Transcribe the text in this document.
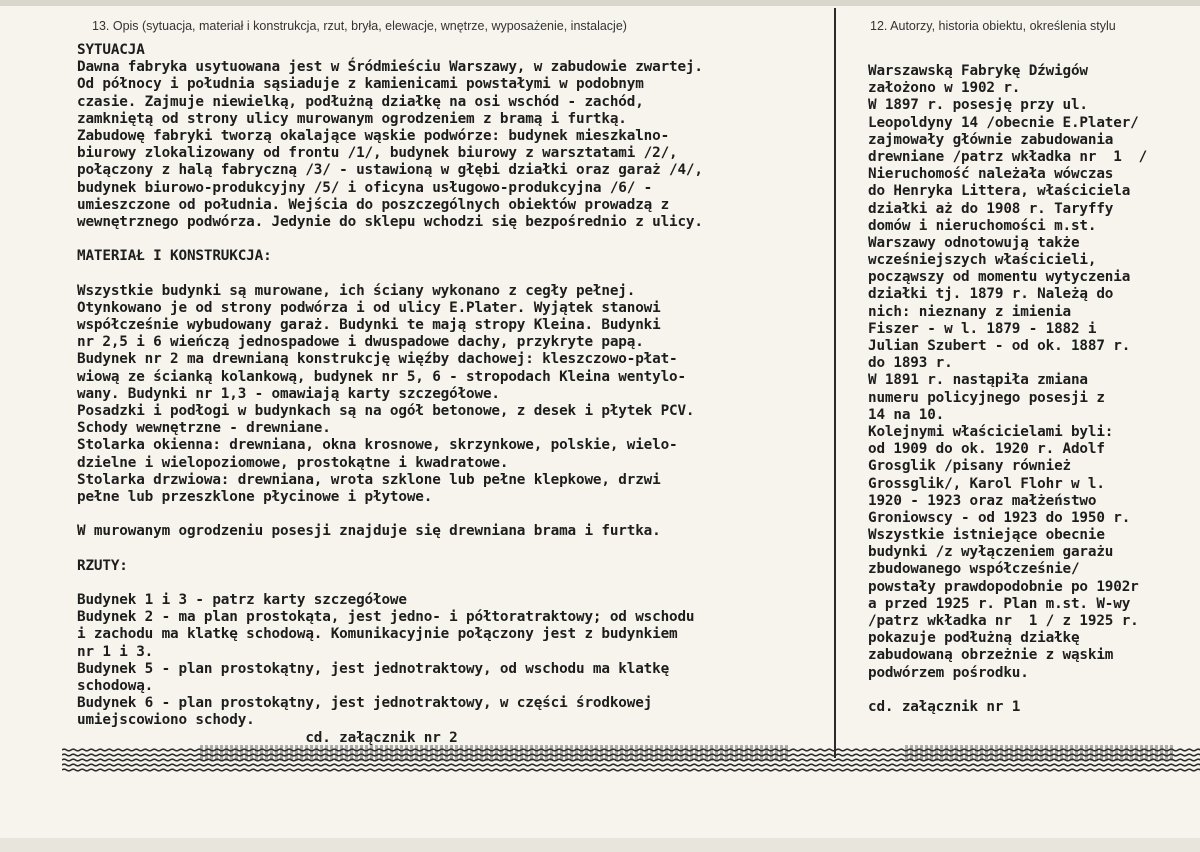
13. Opis (sytuacja, materiał i konstrukcja, rzut, bryła, elewacje, wnętrze, wyposażenie, instalacje)	12. Autorzy, historia obiektu, określenia stylu
SYTUACJA
Dawna fabryka usytuowana jest w Śródmieściu Warszawy, w zabudowie zwartej.
Od północy i południa sąsiaduje z kamienicami powstałymi w podobnym
czasie. Zajmuje niewielką, podłużną działkę na osi wschód - zachód,
zamkniętą od strony ulicy murowanym ogrodzeniem z bramą i furtką.
Zabudowę fabryki tworzą okalające wąskie podwórze: budynek mieszkalno-
biurowy zlokalizowany od frontu /1/, budynek biurowy z warsztatami /2/,
połączony z halą fabryczną /3/ - ustawioną w głębi działki oraz garaż /4/,
budynek biurowo-produkcyjny /5/ i oficyna usługowo-produkcyjna /6/ -
umieszczone od południa. Wejścia do poszczególnych obiektów prowadzą z
wewnętrznego podwórza. Jedynie do sklepu wchodzi się bezpośrednio z ulicy.
MATERIAŁ I KONSTRUKCJA:
Wszystkie budynki są murowane, ich ściany wykonano z cegły pełnej.
Otynkowano je od strony podwórza i od ulicy E.Plater. Wyjątek stanowi
współcześnie wybudowany garaż. Budynki te mają stropy Kleina. Budynki
nr 2,5 i 6 wieńczą jednospadowe i dwuspadowe dachy, przykryte papą.
Budynek nr 2 ma drewnianą konstrukcję więźby dachowej: kleszczowo-płat-
wiową ze ścianką kolankową, budynek nr 5, 6 - stropodach Kleina wentylo-
wany. Budynki nr 1,3 - omawiają karty szczegółowe.
Posadzki i podłogi w budynkach są na ogół betonowe, z desek i płytek PCV.
Schody wewnętrzne - drewniane.
Stolarka okienna: drewniana, okna krosnowe, skrzynkowe, polskie, wielo-
dzielne i wielopoziomowe, prostokątne i kwadratowe.
Stolarka drzwiowa: drewniana, wrota szklone lub pełne klepkowe, drzwi
pełne lub przeszklone płycinowe i płytowe.
W murowanym ogrodzeniu posesji znajduje się drewniana brama i furtka.
RZUTY:
Budynek 1 i 3 - patrz karty szczegółowe
Budynek 2 - ma plan prostokąta, jest jedno- i półtoratraktowy; od wschodu
i zachodu ma klatkę schodową. Komunikacyjnie połączony jest z budynkiem
nr 1 i 3.
Budynek 5 - plan prostokątny, jest jednotraktowy, od wschodu ma klatkę
schodową.
Budynek 6 - plan prostokątny, jest jednotraktowy, w części środkowej
umiejscowiono schody.
cd. załącznik nr 2
Warszawską Fabrykę Dźwigów
założono w 1902 r.
W 1897 r. posesję przy ul.
Leopoldyny 14 /obecnie E.Plater/
zajmowały głównie zabudowania
drewniane /patrz wkładka nr  1  /
Nieruchomość należała wówczas
do Henryka Littera, właściciela
działki aż do 1908 r. Taryffy
domów i nieruchomości m.st.
Warszawy odnotowują także
wcześniejszych właścicieli,
począwszy od momentu wytyczenia
działki tj. 1879 r. Należą do
nich: nieznany z imienia
Fiszer - w l. 1879 - 1882 i
Julian Szubert - od ok. 1887 r.
do 1893 r.
W 1891 r. nastąpiła zmiana
numeru policyjnego posesji z
14 na 10.
Kolejnymi właścicielami byli:
od 1909 do ok. 1920 r. Adolf
Grosglik /pisany również
Grossglik/, Karol Flohr w l.
1920 - 1923 oraz małżeństwo
Groniowscy - od 1923 do 1950 r.
Wszystkie istniejące obecnie
budynki /z wyłączeniem garażu
zbudowanego współcześnie/
powstały prawdopodobnie po 1902r
a przed 1925 r. Plan m.st. W-wy
/patrz wkładka nr  1 / z 1925 r.
pokazuje podłużną działkę
zabudowaną obrzeżnie z wąskim
podwórzem pośrodku.
cd. załącznik nr 1
